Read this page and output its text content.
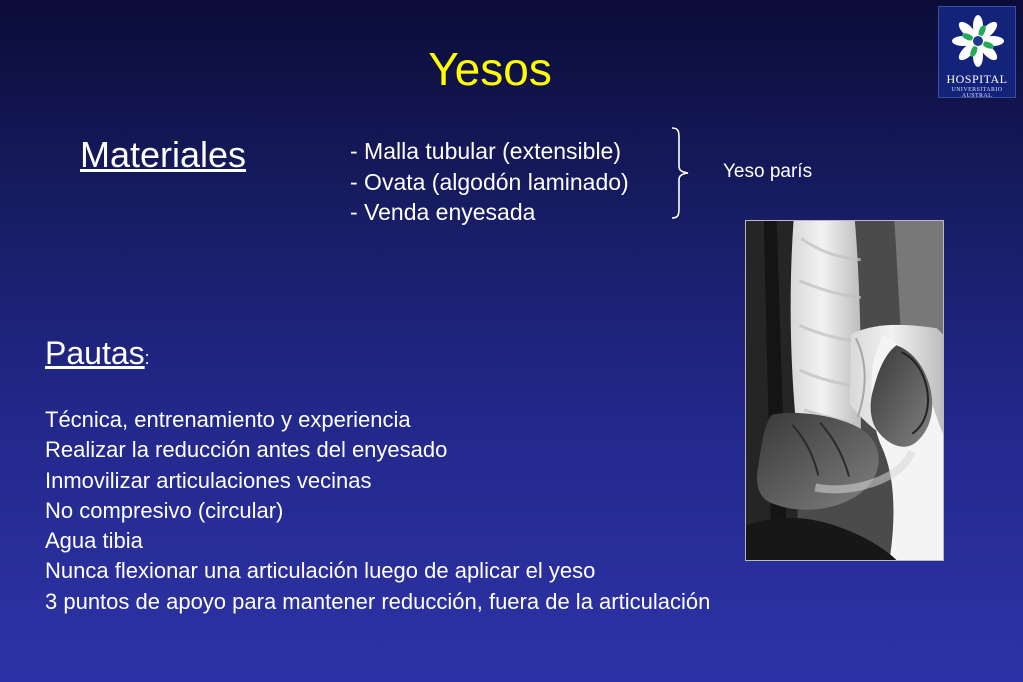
Yesos	HOSPITAL
UNIVERSITARIO AUSTRAL
Materiales	- Malla tubular (extensible)
- Ovata (algodón laminado)
- Venda enyesada
Yeso parís
Pautas:
Técnica, entrenamiento y experiencia
Realizar la reducción antes del enyesado
Inmovilizar articulaciones vecinas
No compresivo (circular)
Agua tibia
Nunca flexionar una articulación luego de aplicar el yeso
3 puntos de apoyo para mantener reducción, fuera de la articulación
